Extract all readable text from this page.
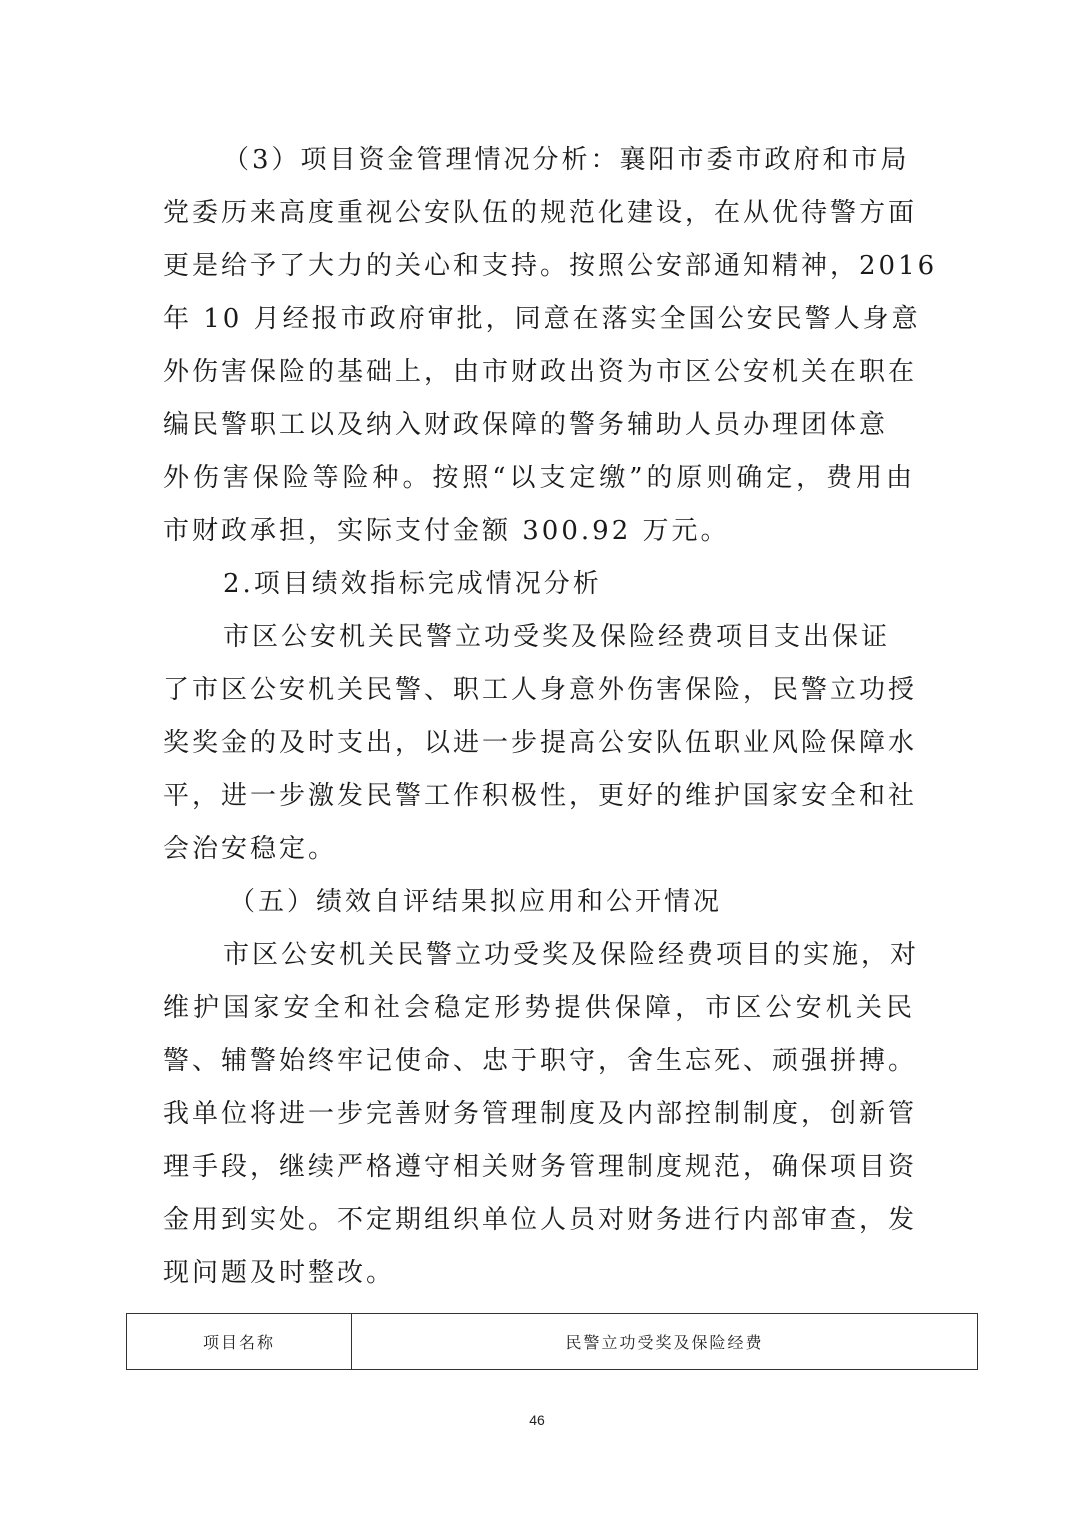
（3）项目资金管理情况分析：襄阳市委市政府和市局
党委历来高度重视公安队伍的规范化建设，在从优待警方面
更是给予了大力的关心和支持。按照公安部通知精神，2016
年 10 月经报市政府审批，同意在落实全国公安民警人身意
外伤害保险的基础上，由市财政出资为市区公安机关在职在
编民警职工以及纳入财政保障的警务辅助人员办理团体意
外伤害保险等险种。按照“以支定缴”的原则确定，费用由
市财政承担，实际支付金额 300.92 万元。
2.项目绩效指标完成情况分析
市区公安机关民警立功受奖及保险经费项目支出保证
了市区公安机关民警、职工人身意外伤害保险，民警立功授
奖奖金的及时支出，以进一步提高公安队伍职业风险保障水
平，进一步激发民警工作积极性，更好的维护国家安全和社
会治安稳定。
（五）绩效自评结果拟应用和公开情况
市区公安机关民警立功受奖及保险经费项目的实施，对
维护国家安全和社会稳定形势提供保障，市区公安机关民
警、辅警始终牢记使命、忠于职守，舍生忘死、顽强拼搏。
我单位将进一步完善财务管理制度及内部控制制度，创新管
理手段，继续严格遵守相关财务管理制度规范，确保项目资
金用到实处。不定期组织单位人员对财务进行内部审查，发
现问题及时整改。
项目名称	民警立功受奖及保险经费
46
